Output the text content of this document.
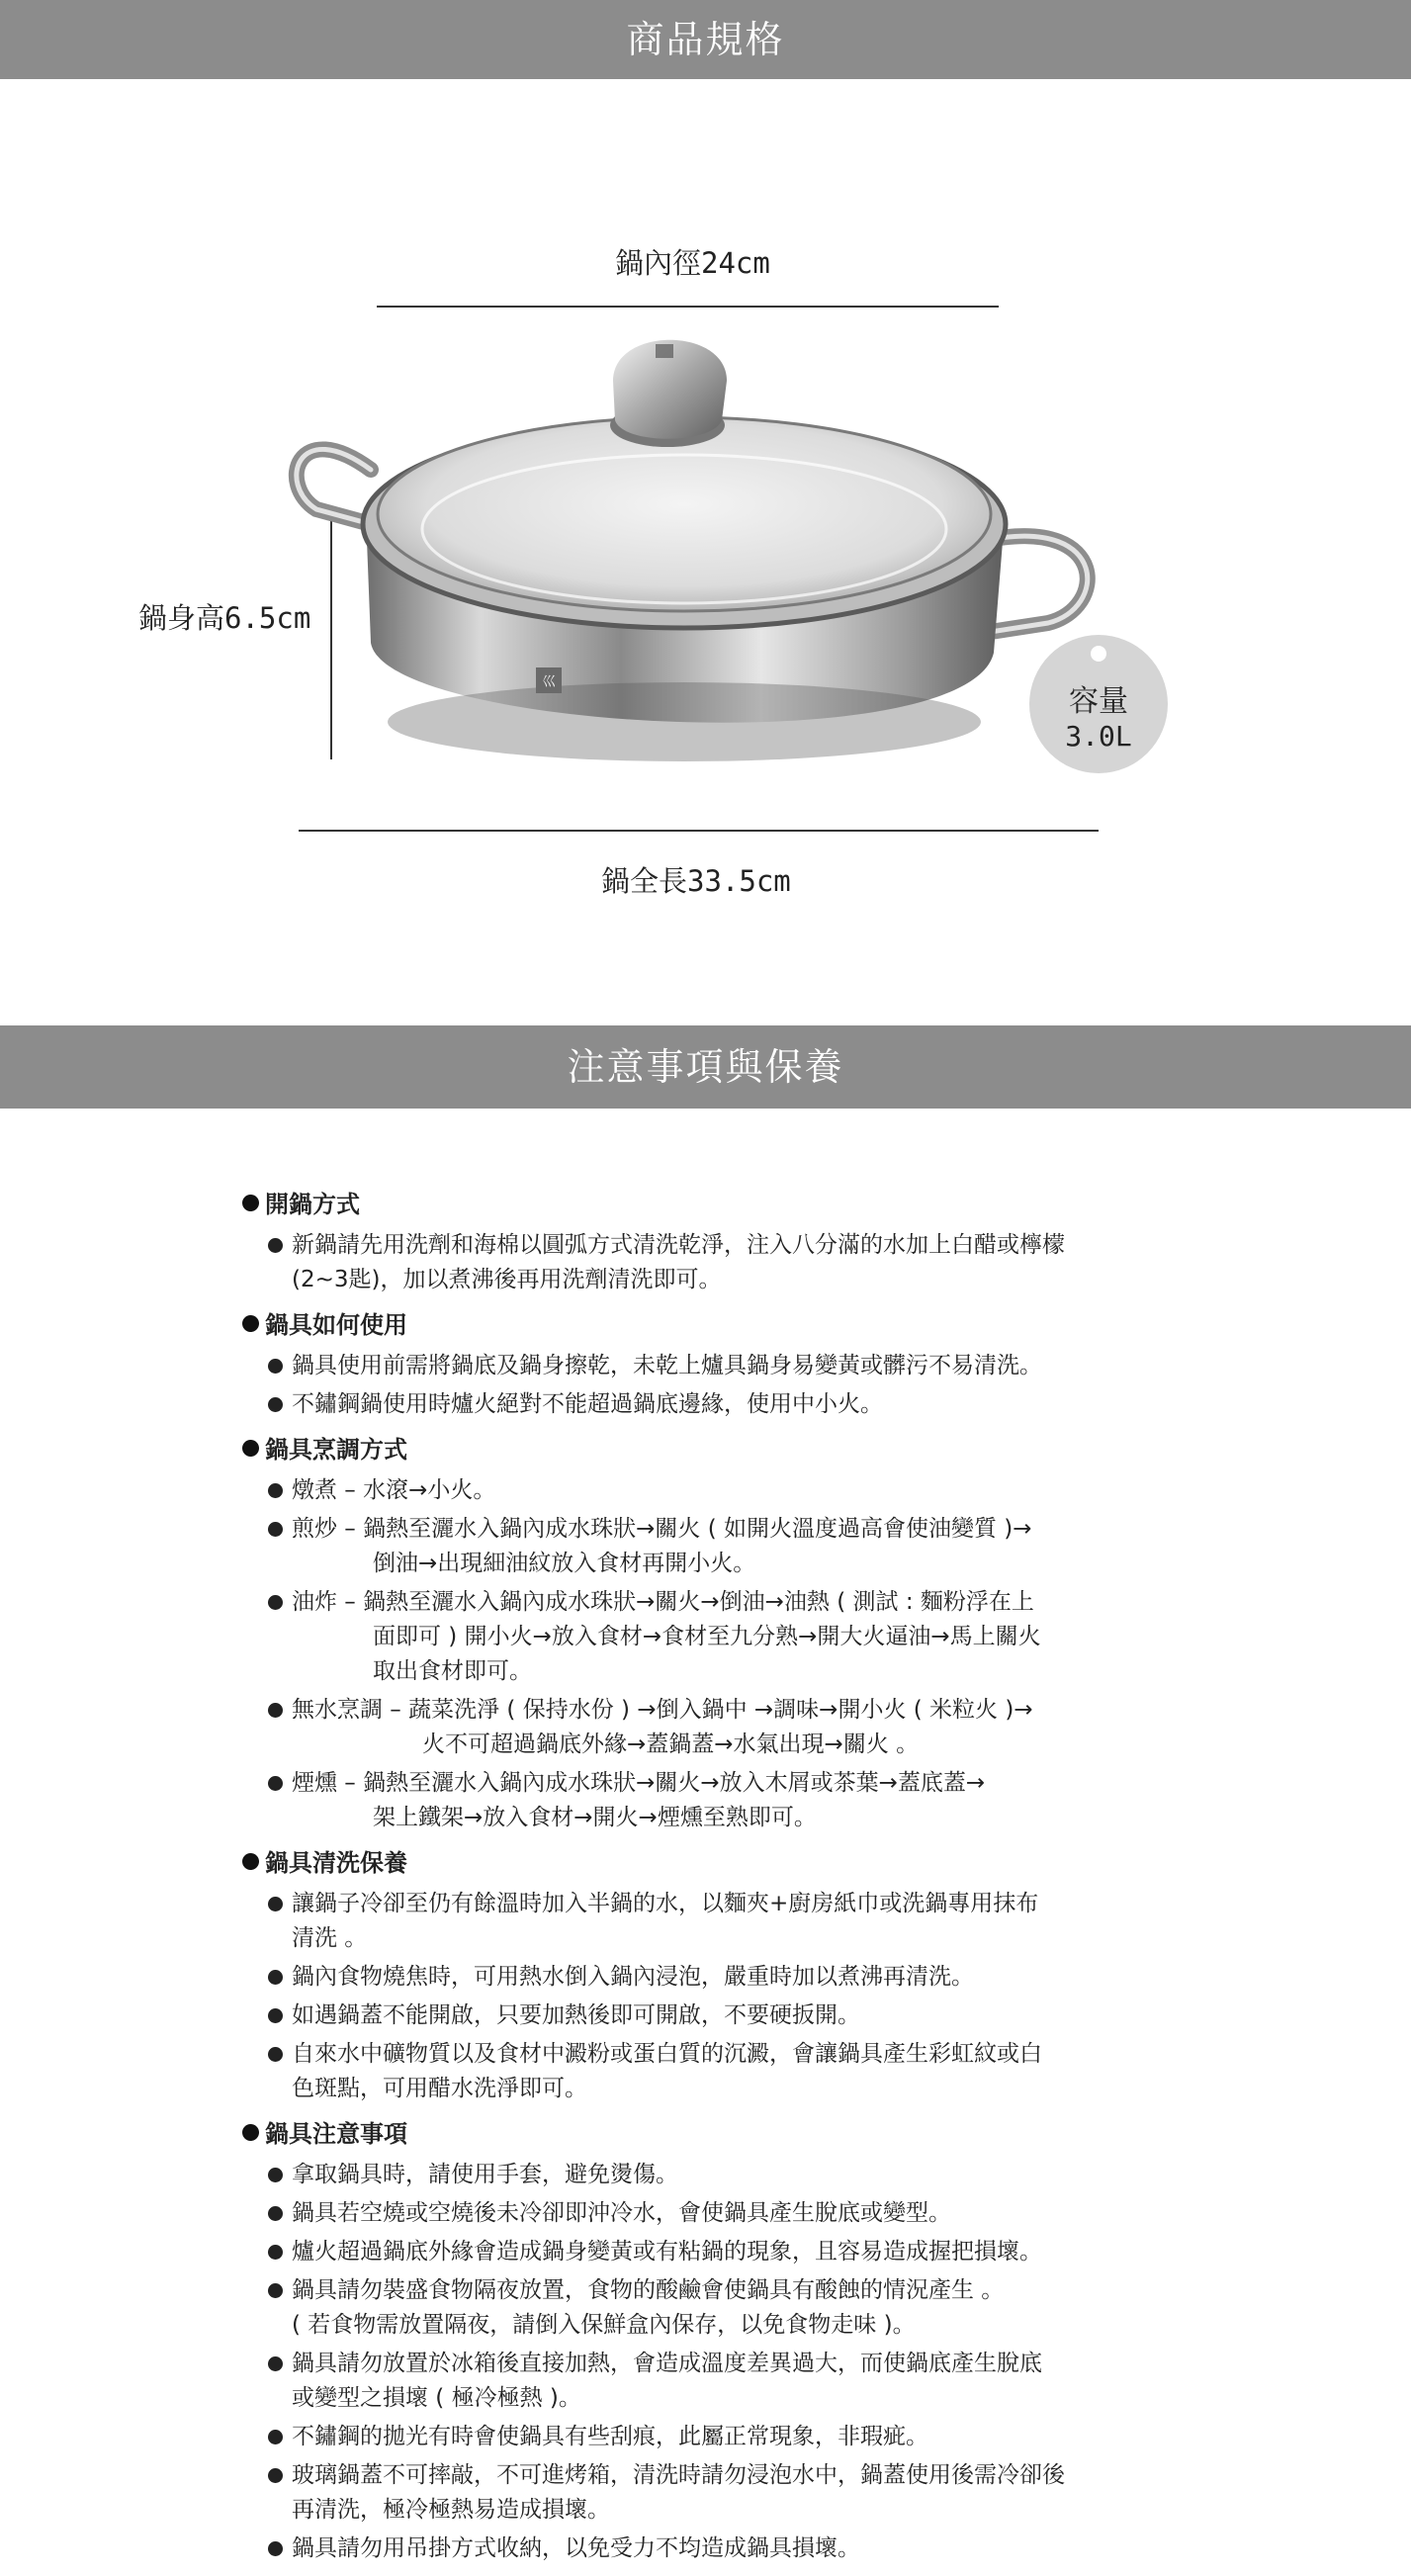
商品規格
鍋內徑24cm
鍋身高6.5cm
巛
容量
3.0L
鍋全長33.5cm
注意事項與保養
開鍋方式
新鍋請先用洗劑和海棉以圓弧方式清洗乾淨，注入八分滿的水加上白醋或檸檬
(2~3匙)，加以煮沸後再用洗劑清洗即可。
鍋具如何使用
鍋具使用前需將鍋底及鍋身擦乾，未乾上爐具鍋身易變黃或髒污不易清洗。
不鏽鋼鍋使用時爐火絕對不能超過鍋底邊緣，使用中小火。
鍋具烹調方式
燉煮 – 水滾→小火。
煎炒 – 鍋熱至灑水入鍋內成水珠狀→關火 ( 如開火溫度過高會使油變質 )→
倒油→出現細油紋放入食材再開小火。
油炸 – 鍋熱至灑水入鍋內成水珠狀→關火→倒油→油熱 ( 測試 : 麵粉浮在上
面即可 ) 開小火→放入食材→食材至九分熟→開大火逼油→馬上關火
取出食材即可。
無水烹調 – 蔬菜洗淨 ( 保持水份 ) →倒入鍋中 →調味→開小火 ( 米粒火 )→
火不可超過鍋底外緣→蓋鍋蓋→水氣出現→關火 。
煙燻 – 鍋熱至灑水入鍋內成水珠狀→關火→放入木屑或茶葉→蓋底蓋→
架上鐵架→放入食材→開火→煙燻至熟即可。
鍋具清洗保養
讓鍋子冷卻至仍有餘溫時加入半鍋的水，以麵夾+廚房紙巾或洗鍋專用抹布
清洗 。
鍋內食物燒焦時，可用熱水倒入鍋內浸泡，嚴重時加以煮沸再清洗。
如遇鍋蓋不能開啟，只要加熱後即可開啟，不要硬扳開。
自來水中礦物質以及食材中澱粉或蛋白質的沉澱，會讓鍋具產生彩虹紋或白
色斑點，可用醋水洗淨即可。
鍋具注意事項
拿取鍋具時，請使用手套，避免燙傷。
鍋具若空燒或空燒後未冷卻即沖冷水，會使鍋具產生脫底或變型。
爐火超過鍋底外緣會造成鍋身變黃或有粘鍋的現象，且容易造成握把損壞。
鍋具請勿裝盛食物隔夜放置，食物的酸鹼會使鍋具有酸蝕的情況產生 。
( 若食物需放置隔夜，請倒入保鮮盒內保存，以免食物走味 )。
鍋具請勿放置於冰箱後直接加熱，會造成溫度差異過大，而使鍋底產生脫底
或變型之損壞 ( 極冷極熱 )。
不鏽鋼的拋光有時會使鍋具有些刮痕，此屬正常現象，非瑕疵。
玻璃鍋蓋不可摔敲，不可進烤箱，清洗時請勿浸泡水中，鍋蓋使用後需冷卻後
再清洗，極冷極熱易造成損壞。
鍋具請勿用吊掛方式收納，以免受力不均造成鍋具損壞。
